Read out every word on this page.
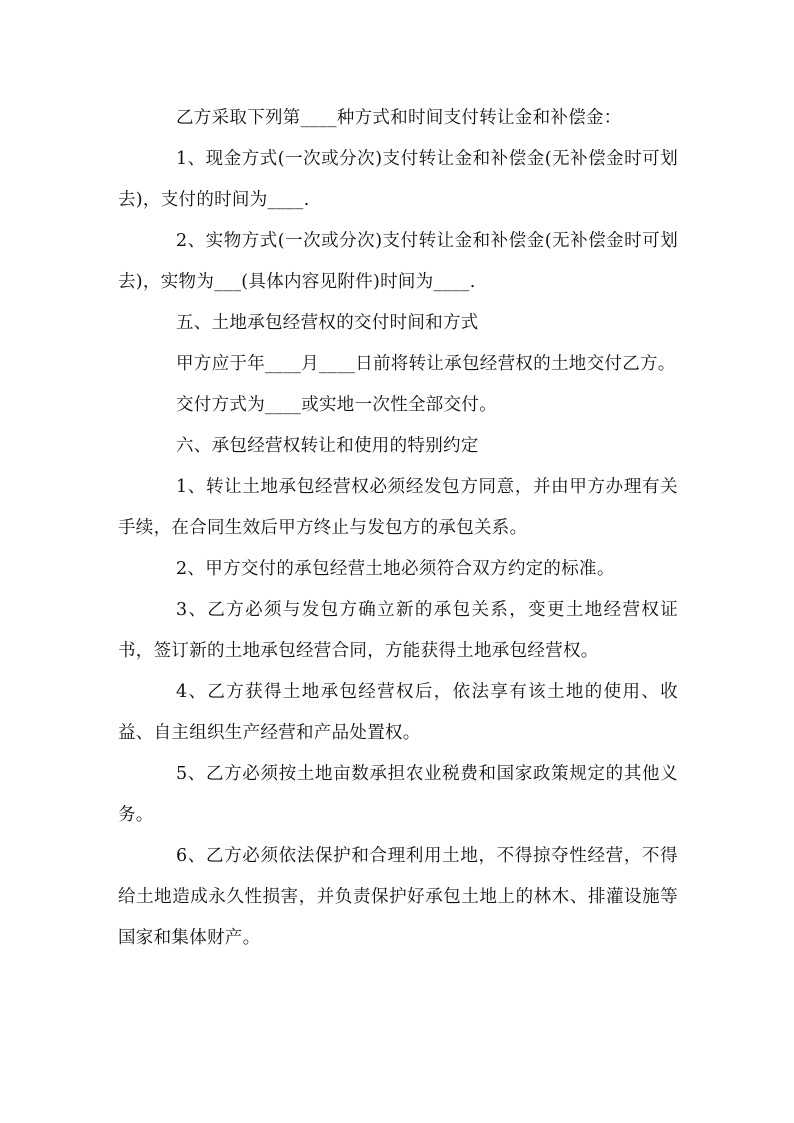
乙方采取下列第____种方式和时间支付转让金和补偿金：

1、现金方式(一次或分次)支付转让金和补偿金(无补偿金时可划去)，支付的时间为____.

2、实物方式(一次或分次)支付转让金和补偿金(无补偿金时可划去)，实物为___(具体内容见附件)时间为____.

五、土地承包经营权的交付时间和方式

甲方应于年____月____日前将转让承包经营权的土地交付乙方。

交付方式为____或实地一次性全部交付。

六、承包经营权转让和使用的特别约定

1、转让土地承包经营权必须经发包方同意，并由甲方办理有关手续，在合同生效后甲方终止与发包方的承包关系。

2、甲方交付的承包经营土地必须符合双方约定的标准。

3、乙方必须与发包方确立新的承包关系，变更土地经营权证书，签订新的土地承包经营合同，方能获得土地承包经营权。

4、乙方获得土地承包经营权后，依法享有该土地的使用、收益、自主组织生产经营和产品处置权。

5、乙方必须按土地亩数承担农业税费和国家政策规定的其他义务。

6、乙方必须依法保护和合理利用土地，不得掠夺性经营，不得给土地造成永久性损害，并负责保护好承包土地上的林木、排灌设施等国家和集体财产。
